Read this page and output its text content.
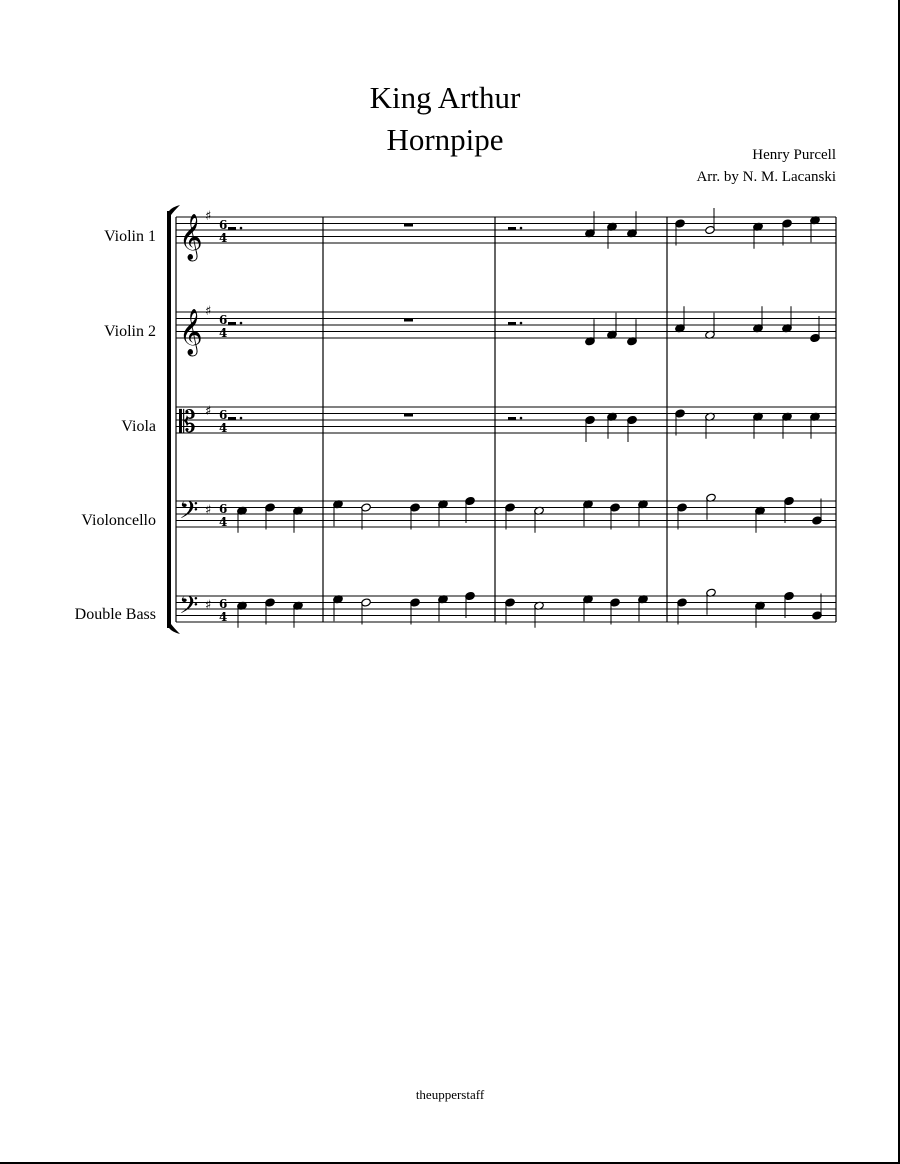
King Arthur
Hornpipe	Henry Purcell
Arr. by N. M. Lacanski
Violin 1
Violin 2
Viola
Violoncello
Double Bass
𝄞 ♯
6
4
𝄞 ♯
6
4
𝄡 ♯ 6
4
𝄢 ♯ 6
4
𝄢 ♯ 6
4
theupperstaff
